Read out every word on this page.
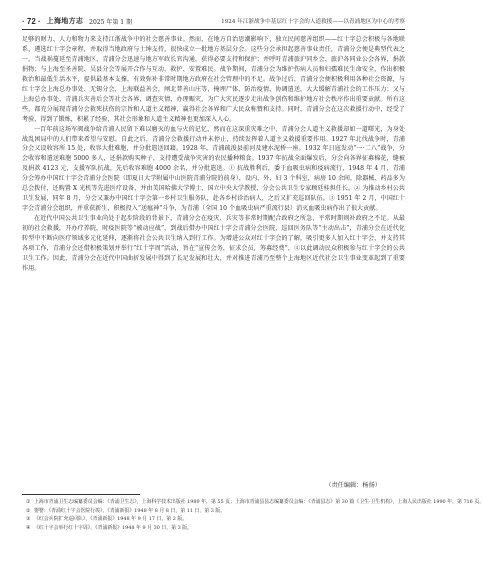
· 72 · 上海地方志 2025 年第 1 期	1924 年江浙战争中基层红十字会的人道救援——以青浦地区为中心的考察

足够的财力、人力和物力来支持江浙战争中的社会慈善事业。然而，在地方自治思潮影响下，独立民间慈善组织——红十字总会积极与各地联系，遴选红十字会章程，并取得当地政府与士绅支持，很快成立一批地方基层分会。这些分会承担起慈善事业责任，青浦分会便是典型代表之一。当战祸蔓延至青浦地区，青浦分会迅速与地方军政长官沟通，获得必要支持和保护；并呼吁青浦旅沪同乡会、旅沪各同业公会各界，捐款捐物；与上海至圣善院、吴县分会等展开合作与互动，救护、安置难民。战争期间，青浦分会为维护伤病人员和妇孺难民生命安全，作出积极救治和最低生活水平，提供最基本支撑，有效弥补非常时期地方政府在社会管理中的不足。战争过后，青浦分会便积极利用各种社会资源，与红十字会上海总办事处、无锡分会，上海联益善会，闸北普善山庄等，掩埋尸体、防治疫情、协调遣送，大大缓解青浦社会的工作压力；又与上海总办事处、青浦兵灾善后会等社会各界，调查灾情、办理赈灾，为广大灾民逐步走出战争创伤和维护地方社会秩序作出重要贡献。所有这些，都充分展现青浦分会救死扶伤的宗旨和人道主义精神，赢得社会各界和广大民众称赞和支持。同时，青浦分会在这次救援行动中，经受了考验，得到了锻炼，积累了经验，其社会形象和人道主义精神也更加深入人心。

一百年前这场军阀战争给青浦人民留下难以磨灭的血与火的记忆，然而在这深重灾难之中，青浦分会人道主义救援却如一道曙光，为身处战乱困局中的人们带来希望与安慰。自此之后，青浦分会救援行动并未停止，持续发挥着人道主义救援重要作用。1927 年北伐战争时，青浦分会又设收容所 15 处，收容大批难胞，并分批遣送回籍。1928 年，青浦疏浚县前河及建水泥桥一座。1932 年日寇发动“一·二八”战争，分会收容和遣送难胞 5000 多人，还捐款购买种子，支持遭受战争灾害的农民播种粮食。1937 年抗战全面爆发后，分会向各界征募棉花，缝被及捐款 4123 元，支援军队抗战，先后收容难胞 4000 余名，并分批遣送。① 抗战胜利后，委于血吸虫病和疫病流行，1948 年 4 月，青浦分会筹办中国红十字会青浦分会医院（即夏日大学附属中山医院青浦分院的前身），设内、外、妇 3 个科室，病房 10 余间，除器械、药品多为总会拨付，还购置 X 光机等先进医疗设备，并由美国哈佛大学博士、国立中央大学教授、分会公共卫生专家顾廷桂担任长。② 为推动乡村公共卫生发展，同年 8 月，分会又兼办中国红十字会第一乡村卫生服务队，赴各乡村诊治病人，之后又扩充巡回队伍。③ 1951 年 2 月，中国红十字会青浦分会组织，并重获新生，积极投入“送瘟神”斗争，为青浦（全国 10 个血吸虫病严重流行县）消灭血吸虫病作出了很大贡献。

在近代中国公共卫生事业尚处于起步阶段的背景下，青浦分会在疫灾、兵灾等非常时期配合政府之所急，平常时期则补政府之不足。从最初的社会救援，开办疗养院，时疫医院等“被动应战”，到战后借办中国红十字会青浦分会医院，巡回医务队等“主动出击”，青浦分会在近代化转型中不断向医疗领域多元化延伸，逐渐将社会公共卫生纳入到行工作。为增进公众对红十字会的了解，吸引更多人加入红十字会，并支持其各项工作，青浦分会还借积极策划并举行“红十字周”活动，旨在“宣传会务，征求会员，筹募经费”，④以此调动民众积极参与红十字会的公共卫生工作。因此，青浦分会在近代中国曲折发展中得到了长足发展和壮大，并对推进青浦乃至整个上海地区近代社会卫生事业变革起到了重要作用。

（责任编辑：杨扬）

① 上海市青浦卫生志编纂委员会编：《青浦卫生志》，上海科学技术出版社 1989 年，第 55 页；上海市青浦县县志编纂委员会编：《青浦县志》第 30 篇《卫生·卫生机构》，上海人民出版社 1990 年，第 716 页。

② 婴婴：《青浦红十字会医院行竣》，《青浦新报》1948 年 8 月 8 日，第 11 日，第 3 版。

③ 《红会兵院扩充巡回队》，《青浦新报》1948 年 9 月 17 日，第 2 版。

④ 《红十字会举行红十字周》，《青浦新报》1948 年 9 月 30 日，第 3 版。
